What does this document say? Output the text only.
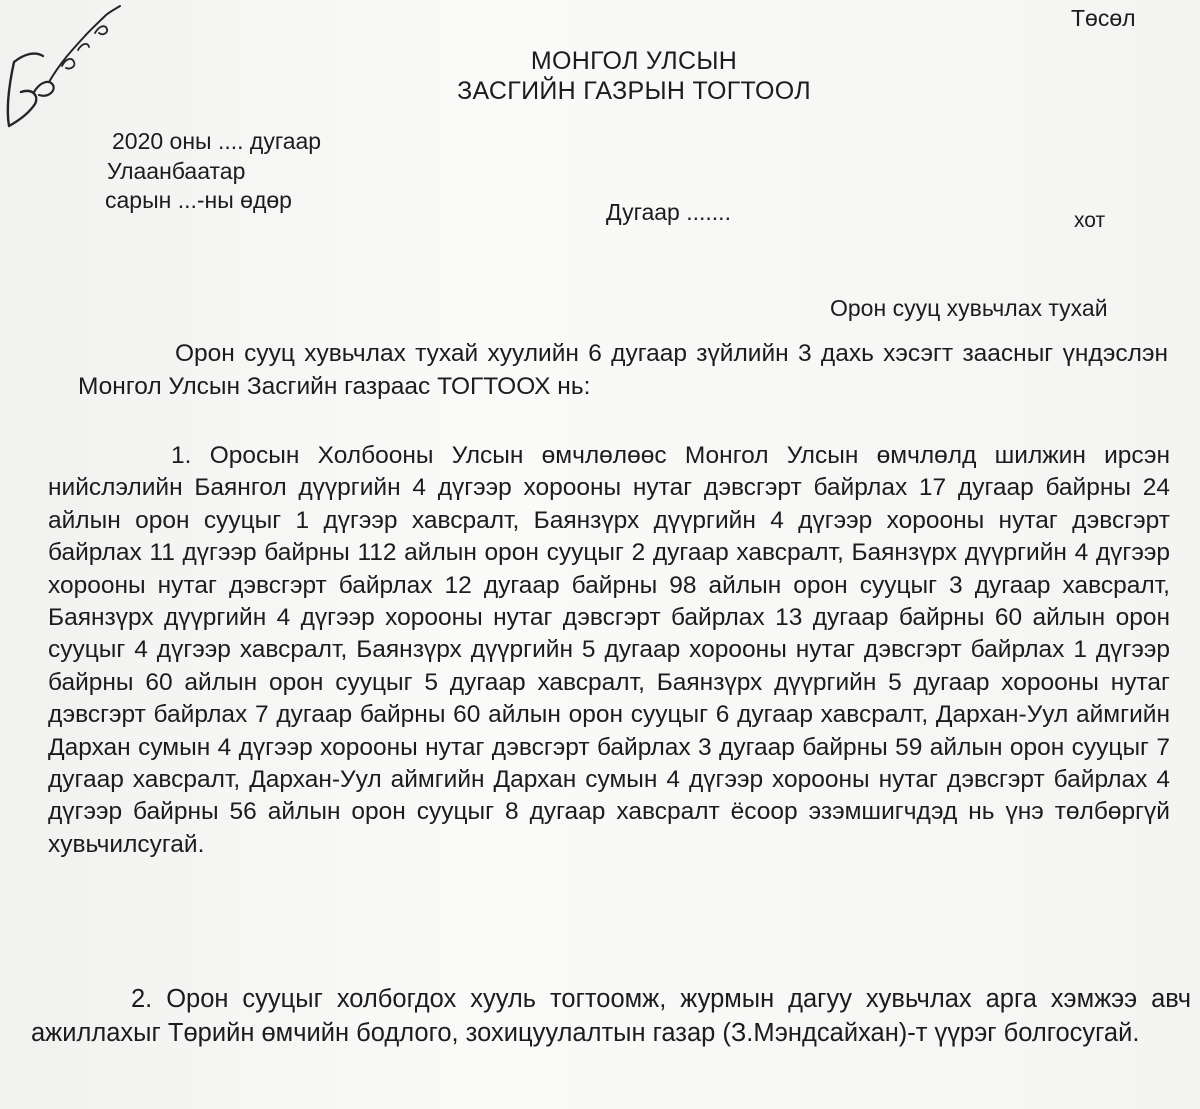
Төсөл
МОНГОЛ УЛСЫН
ЗАСГИЙН ГАЗРЫН ТОГТООЛ
2020 оны .... дугаар
Улаанбаатар
сарын ...-ны өдөр	Дугаар .......	хот
Орон сууц хувьчлах тухай

Орон сууц хувьчлах тухай хуулийн 6 дугаар зүйлийн 3 дахь хэсэгт заасныг үндэслэн Монгол Улсын Засгийн газраас ТОГТООХ нь:

1. Оросын Холбооны Улсын өмчлөлөөс Монгол Улсын өмчлөлд шилжин ирсэн нийслэлийн Баянгол дүүргийн 4 дүгээр хорооны нутаг дэвсгэрт байрлах 17 дугаар байрны 24 айлын орон сууцыг 1 дүгээр хавсралт, Баянзүрх дүүргийн 4 дүгээр хорооны нутаг дэвсгэрт байрлах 11 дүгээр байрны 112 айлын орон сууцыг 2 дугаар хавсралт, Баянзүрх дүүргийн 4 дүгээр хорооны нутаг дэвсгэрт байрлах 12 дугаар байрны 98 айлын орон сууцыг 3 дугаар хавсралт, Баянзүрх дүүргийн 4 дүгээр хорооны нутаг дэвсгэрт байрлах 13 дугаар байрны 60 айлын орон сууцыг 4 дүгээр хавсралт, Баянзүрх дүүргийн 5 дугаар хорооны нутаг дэвсгэрт байрлах 1 дүгээр байрны 60 айлын орон сууцыг 5 дугаар хавсралт, Баянзүрх дүүргийн 5 дугаар хорооны нутаг дэвсгэрт байрлах 7 дугаар байрны 60 айлын орон сууцыг 6 дугаар хавсралт, Дархан-Уул аймгийн Дархан сумын 4 дүгээр хорооны нутаг дэвсгэрт байрлах 3 дугаар байрны 59 айлын орон сууцыг 7 дугаар хавсралт, Дархан-Уул аймгийн Дархан сумын 4 дүгээр хорооны нутаг дэвсгэрт байрлах 4 дүгээр байрны 56 айлын орон сууцыг 8 дугаар хавсралт ёсоор эзэмшигчдэд нь үнэ төлбөргүй хувьчилсугай.

2. Орон сууцыг холбогдох хууль тогтоомж, журмын дагуу хувьчлах арга хэмжээ авч ажиллахыг Төрийн өмчийн бодлого, зохицуулалтын газар (З.Мэндсайхан)-т үүрэг болгосугай.
